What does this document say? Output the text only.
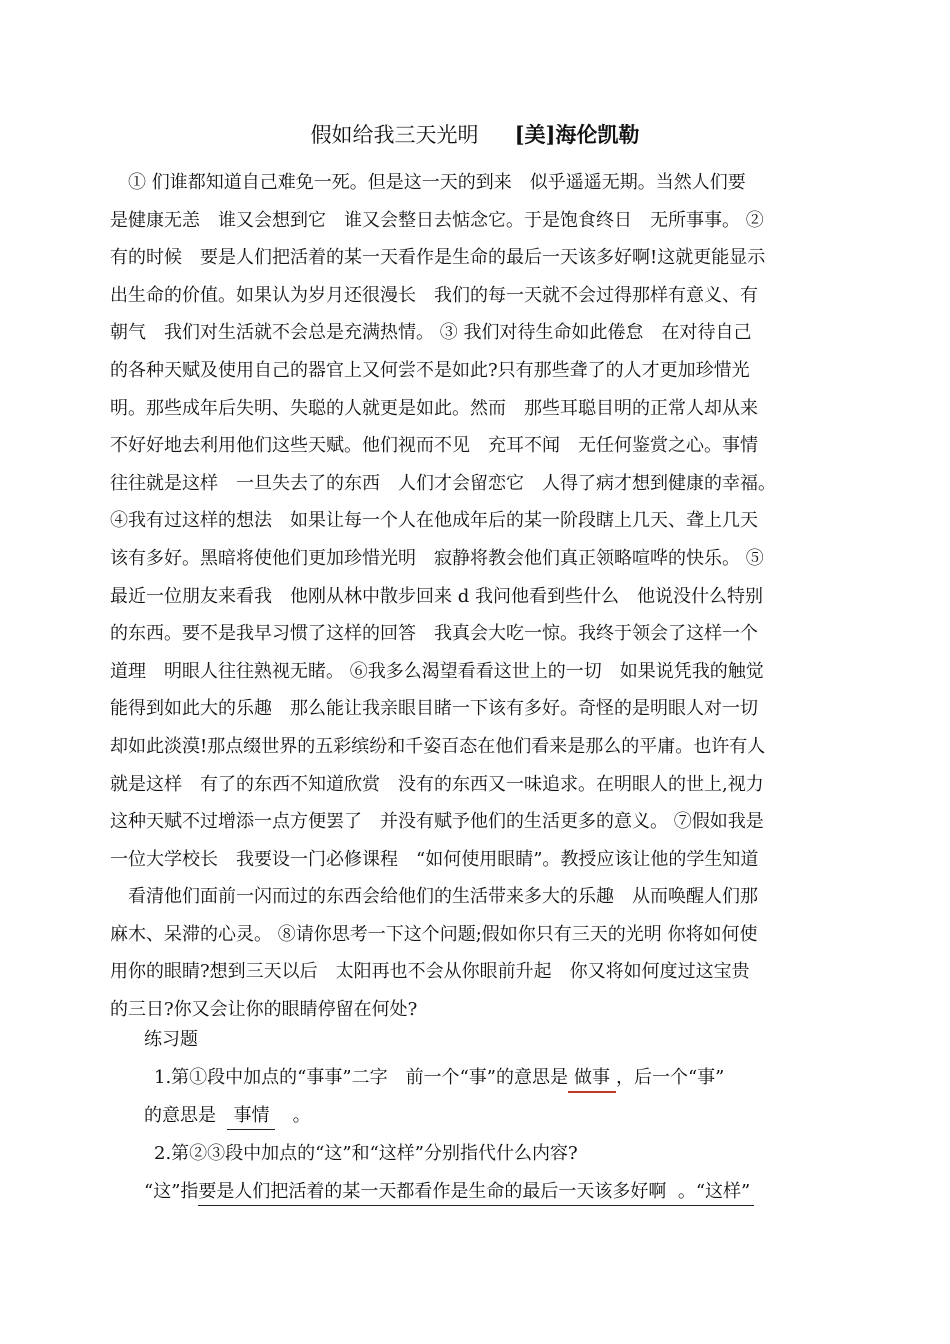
假如给我三天光明 [美]海伦凯勒
　① 们谁都知道自己难免一死。但是这一天的到来　似乎遥遥无期。当然人们要
是健康无恙　谁又会想到它　谁又会整日去惦念它。于是饱食终日　无所事事。 ②
有的时候　要是人们把活着的某一天看作是生命的最后一天该多好啊!这就更能显示
出生命的价值。如果认为岁月还很漫长　我们的每一天就不会过得那样有意义、有
朝气　我们对生活就不会总是充满热情。 ③ 我们对待生命如此倦怠　在对待自己
的各种天赋及使用自己的器官上又何尝不是如此?只有那些聋了的人才更加珍惜光
明。那些成年后失明、失聪的人就更是如此。然而　那些耳聪目明的正常人却从来
不好好地去利用他们这些天赋。他们视而不见　充耳不闻　无任何鉴赏之心。事情
往往就是这样　一旦失去了的东西　人们才会留恋它　人得了病才想到健康的幸福。
④我有过这样的想法　如果让每一个人在他成年后的某一阶段瞎上几天、聋上几天
该有多好。黑暗将使他们更加珍惜光明　寂静将教会他们真正领略喧哗的快乐。 ⑤
最近一位朋友来看我　他刚从林中散步回来 d 我问他看到些什么　他说没什么特别
的东西。要不是我早习惯了这样的回答　我真会大吃一惊。我终于领会了这样一个
道理　明眼人往往熟视无睹。 ⑥我多么渴望看看这世上的一切　如果说凭我的触觉
能得到如此大的乐趣　那么能让我亲眼目睹一下该有多好。奇怪的是明眼人对一切
却如此淡漠!那点缀世界的五彩缤纷和千姿百态在他们看来是那么的平庸。也许有人
就是这样　有了的东西不知道欣赏　没有的东西又一味追求。在明眼人的世上,视力
这种天赋不过增添一点方便罢了　并没有赋予他们的生活更多的意义。 ⑦假如我是
一位大学校长　我要设一门必修课程　“如何使用眼睛”。教授应该让他的学生知道
　看清他们面前一闪而过的东西会给他们的生活带来多大的乐趣　从而唤醒人们那
麻木、呆滞的心灵。 ⑧请你思考一下这个问题;假如你只有三天的光明 你将如何使
用你的眼睛?想到三天以后　太阳再也不会从你眼前升起　你又将如何度过这宝贵
的三日?你又会让你的眼睛停留在何处?
练习题
1.第①段中加点的“事事”二字　前一个“事”的意思是 做事 ，后一个“事”
的意思是 事情 。
2.第②③段中加点的“这”和“这样”分别指代什么内容?
“这”指要是人们把活着的某一天都看作是生命的最后一天该多好啊 。“这样”
